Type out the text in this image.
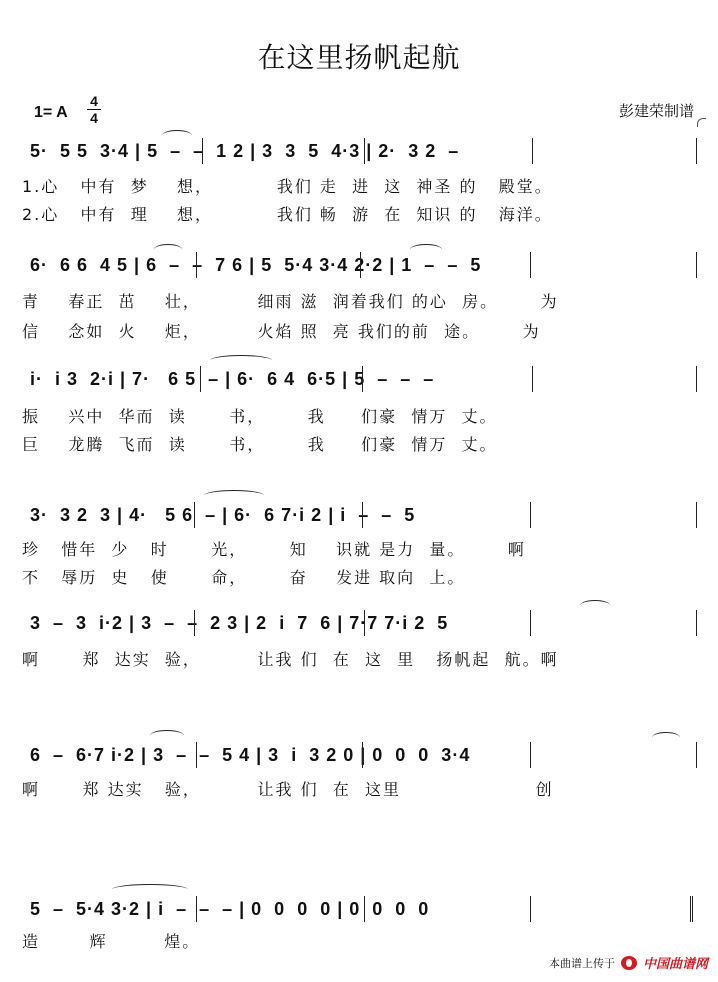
在这里扬帆起航
1= A
4
4	彭建荣制谱
5·  5 5  3·4 | 5  –  –  1 2 | 3  3  5  4·3 | 2·  3 2  –
1.心   中有  梦    想，         我们 走  进  这  神圣 的   殿堂。
2.心   中有  理    想，         我们 畅  游  在  知识 的   海洋。
6·  6 6  4 5 | 6  –  –  7 6 | 5  5·4 3·4 2·2 | 1  –  –  5
青    春正  茁    壮，        细雨 滋  润着我们 的心  房。      为
信    念如  火    炬，        火焰 照  亮 我们的前  途。      为
i·  i 3  2·i | 7·   6 5  – | 6·  6 4  6·5 | 5  –  –  –
振    兴中  华而  读      书，      我     们豪  情万  丈。
巨    龙腾  飞而  读      书，      我     们豪  情万  丈。
3·  3 2  3 | 4·   5 6  – | 6·  6 7·i 2 | i  –  –  5
珍   惜年  少   时      光，      知    识就 是力  量。      啊
不   辱历  史   使      命，      奋    发进 取向  上。
3  –  3  i·2 | 3  –  –  2 3 | 2  i  7  6 | 7·7 7·i 2  5
啊      郑  达实  验，        让我 们  在  这  里   扬帆起  航。啊
6  –  6·7 i·2 | 3  –  –  5 4 | 3  i  3 2 0 | 0  0  0  3·4
啊      郑 达实   验，        让我 们  在  这里                   创
5  –  5·4 3·2 | i  –  –  – | 0  0  0  0 | 0  0  0  0
造       辉        煌。
本曲谱上传于 中国曲谱网
